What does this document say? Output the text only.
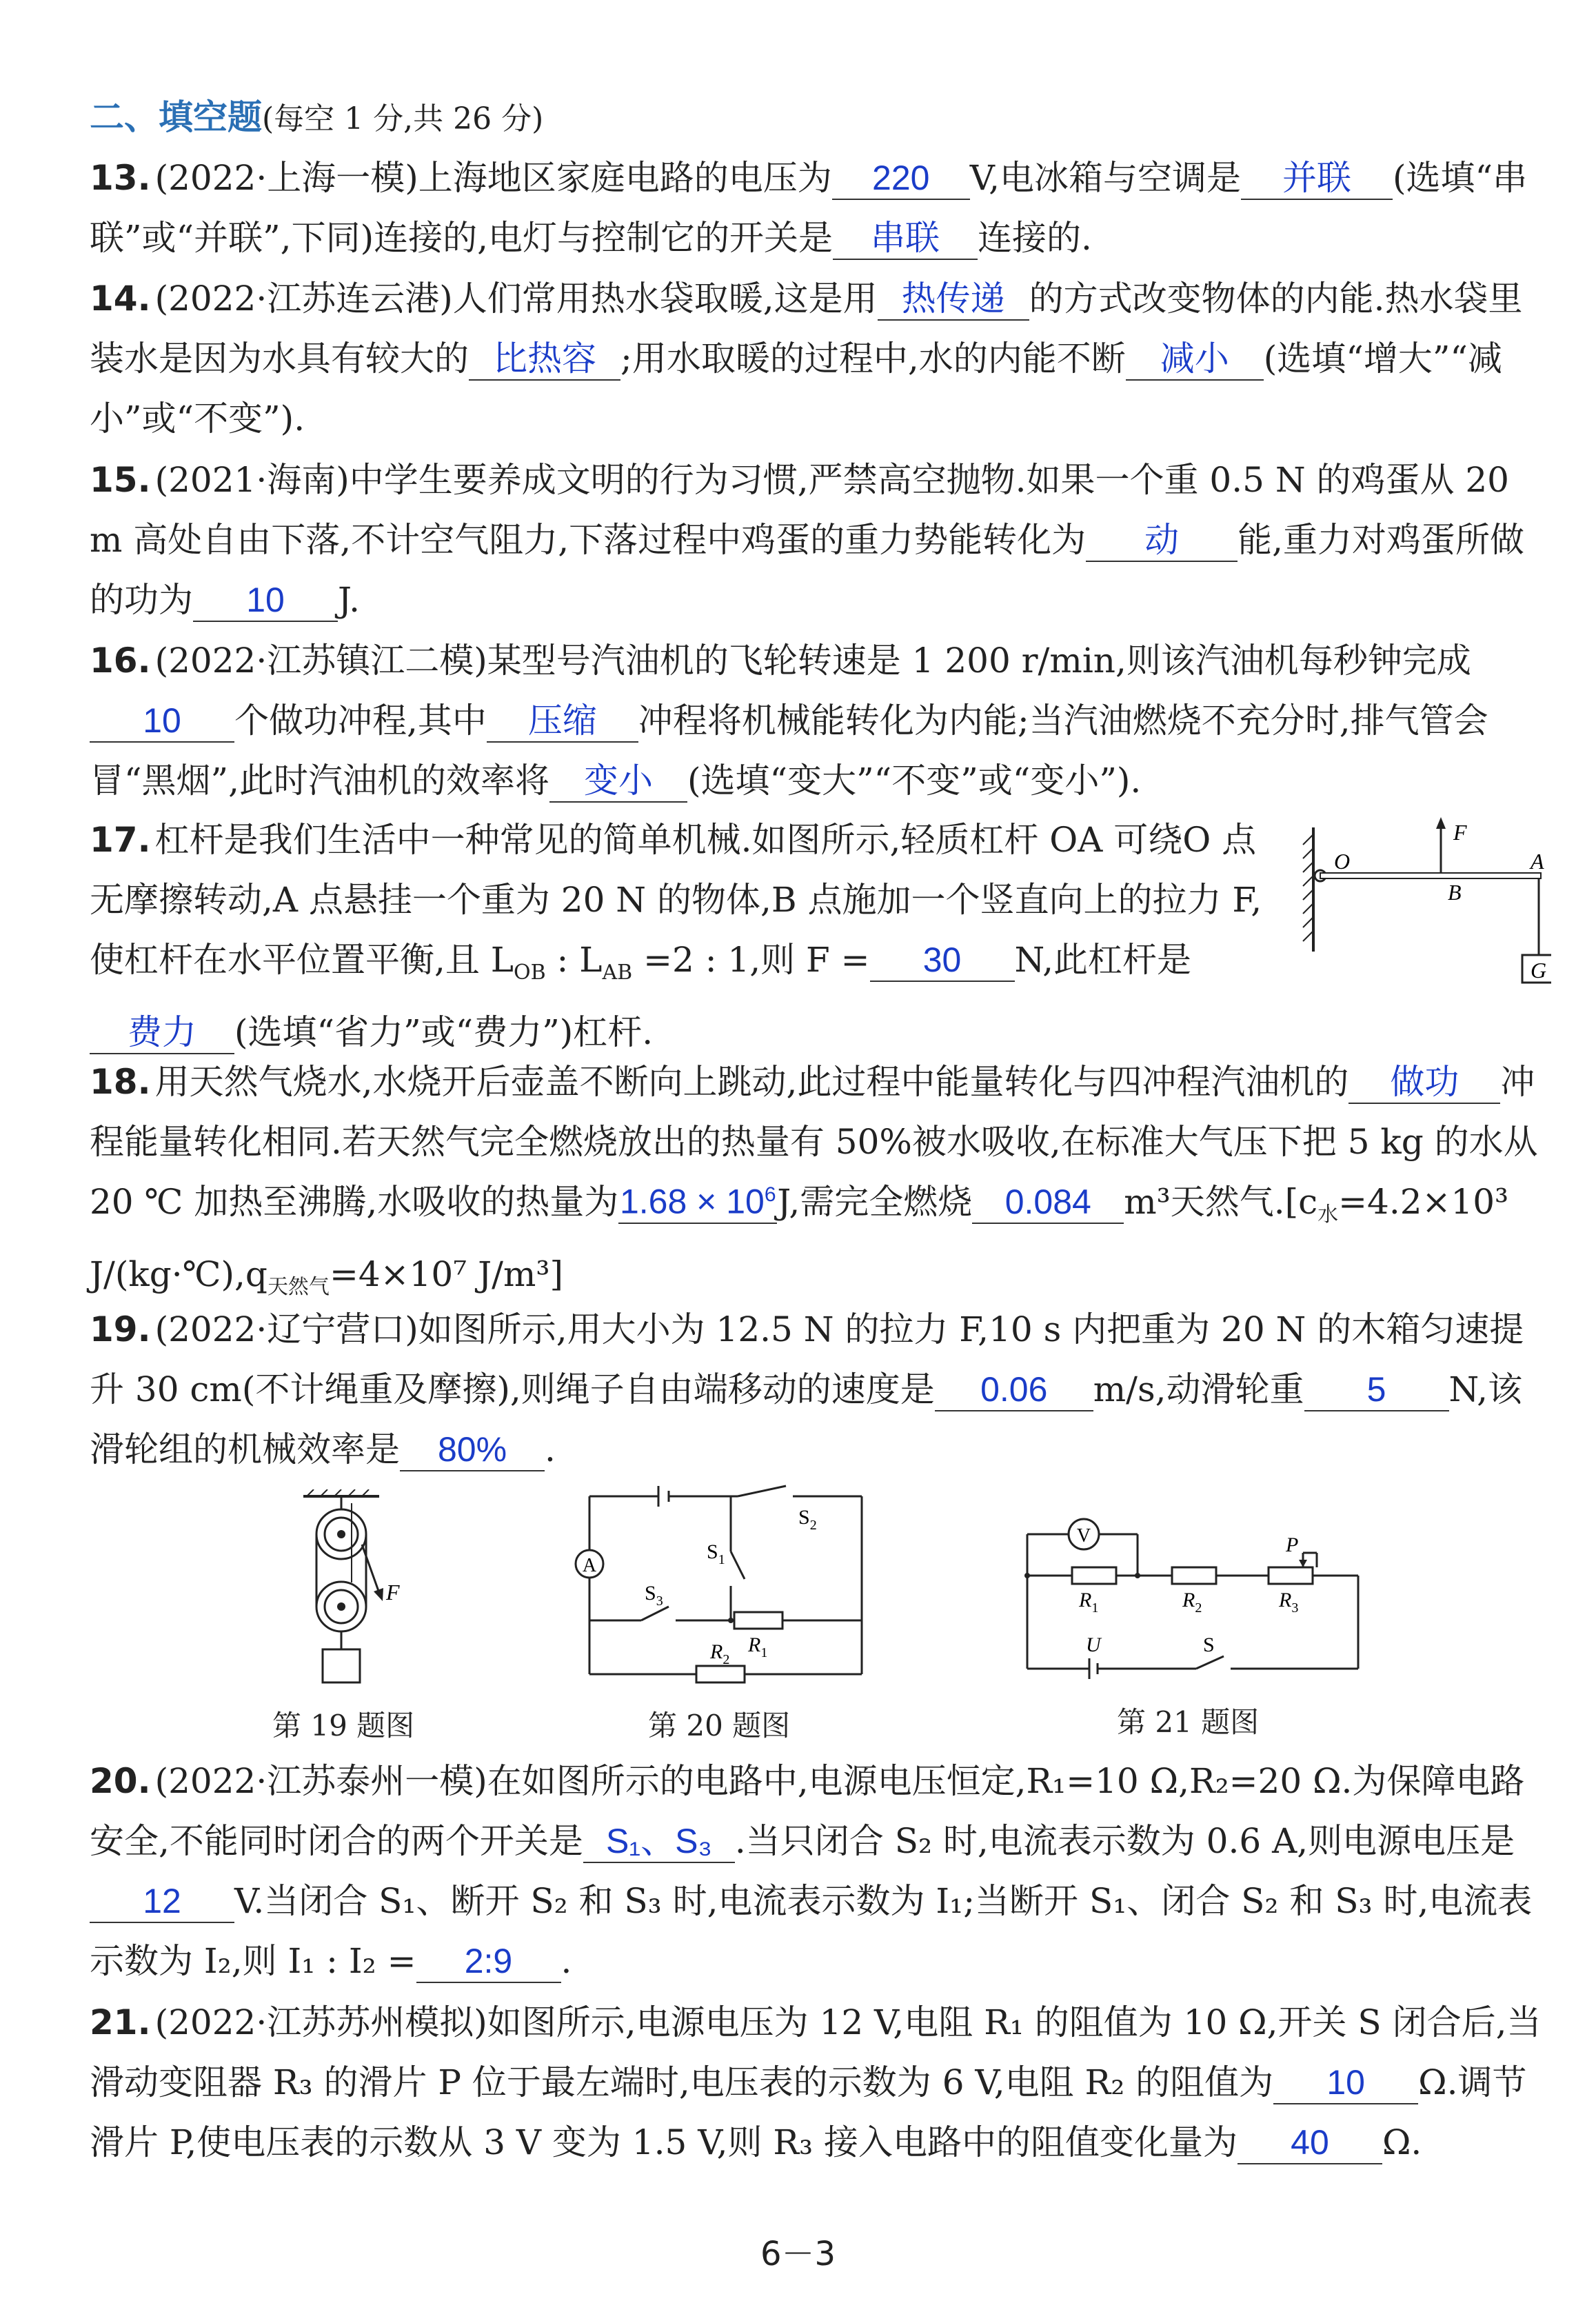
二、填空题(每空 1 分,共 26 分)
13. (2022·上海一模)上海地区家庭电路的电压为 220 V,电冰箱与空调是 并联 (选填“串联”或“并联”,下同)连接的,电灯与控制它的开关是 串联 连接的.
14. (2022·江苏连云港)人们常用热水袋取暖,这是用 热传递 的方式改变物体的内能.热水袋里装水是因为水具有较大的 比热容 ;用水取暖的过程中,水的内能不断 减小 (选填“增大”“减小”或“不变”).
15. (2021·海南)中学生要养成文明的行为习惯,严禁高空抛物.如果一个重 0.5 N 的鸡蛋从 20 m 高处自由下落,不计空气阻力,下落过程中鸡蛋的重力势能转化为 动 能,重力对鸡蛋所做的功为 10 J.
16. (2022·江苏镇江二模)某型号汽油机的飞轮转速是 1 200 r/min,则该汽油机每秒钟完成10 个做功冲程,其中 压缩 冲程将机械能转化为内能;当汽油燃烧不充分时,排气管会冒“黑烟”,此时汽油机的效率将 变小 (选填“变大”“不变”或“变小”).
17. 杠杆是我们生活中一种常见的简单机械.如图所示,轻质杠杆 OA 可绕O 点无摩擦转动,A 点悬挂一个重为 20 N 的物体,B 点施加一个竖直向上的拉力 F,使杠杆在水平位置平衡,且 $L_{OB}$ : $L_{AB} =2$ : 1,则 F = 30 N,此杠杆是费力 (选填“省力”或“费力”)杠杆.
O
F
A
B
G
18. 用天然气烧水,水烧开后壶盖不断向上跳动,此过程中能量转化与四冲程汽油机的 做功 冲程能量转化相同.若天然气完全燃烧放出的热量有 50%被水吸收,在标准大气压下把 5 kg 的水从 20 ℃ 加热至沸腾,水吸收的热量为$1.68 \times 10^6J$,需完全燃烧 0.084 m³天然气$.[c_水=4.2\times 10^3$ $J/(kg\cdot℃),q_{天然气}=4\times 10^7$ J/m³]
19. (2022·辽宁营口)如图所示,用大小为 12.5 N 的拉力 F,10 s 内把重为 20 N 的木箱匀速提升 30 cm(不计绳重及摩擦),则绳子自由端移动的速度是 0.06 m/s,动滑轮重 5 N,该滑轮组的机械效率是 80% .
F
第 19 题图
A
$S_2$
$S_1$
$S_3$
$R_1$
$R_2$
第 20 题图
V
$R_1$	$R_2$	$R_3$
P
U	S
第 21 题图
20. (2022·江苏泰州一模)在如图所示的电路中,电源电压恒定,R₁=10 Ω,R₂=20 Ω.为保障电路安全,不能同时闭合的两个开关是 S₁、S₃ .当只闭合 S₂ 时,电流表示数为 0.6 A,则电源电压是12 V.当闭合 S₁、断开 S₂ 和 S₃ 时,电流表示数为 I₁;当断开 S₁、闭合 S₂ 和 S₃ 时,电流表示数为 I₂,则 I₁ : I₂ = 2:9 .
21. (2022·江苏苏州模拟)如图所示,电源电压为 12 V,电阻 R₁ 的阻值为 10 Ω,开关 S 闭合后,当滑动变阻器 R₃ 的滑片 P 位于最左端时,电压表的示数为 6 V,电阻 R₂ 的阻值为 10 Ω.调节滑片 P,使电压表的示数从 3 V 变为 1.5 V,则 R₃ 接入电路中的阻值变化量为 40 Ω.
6－3
